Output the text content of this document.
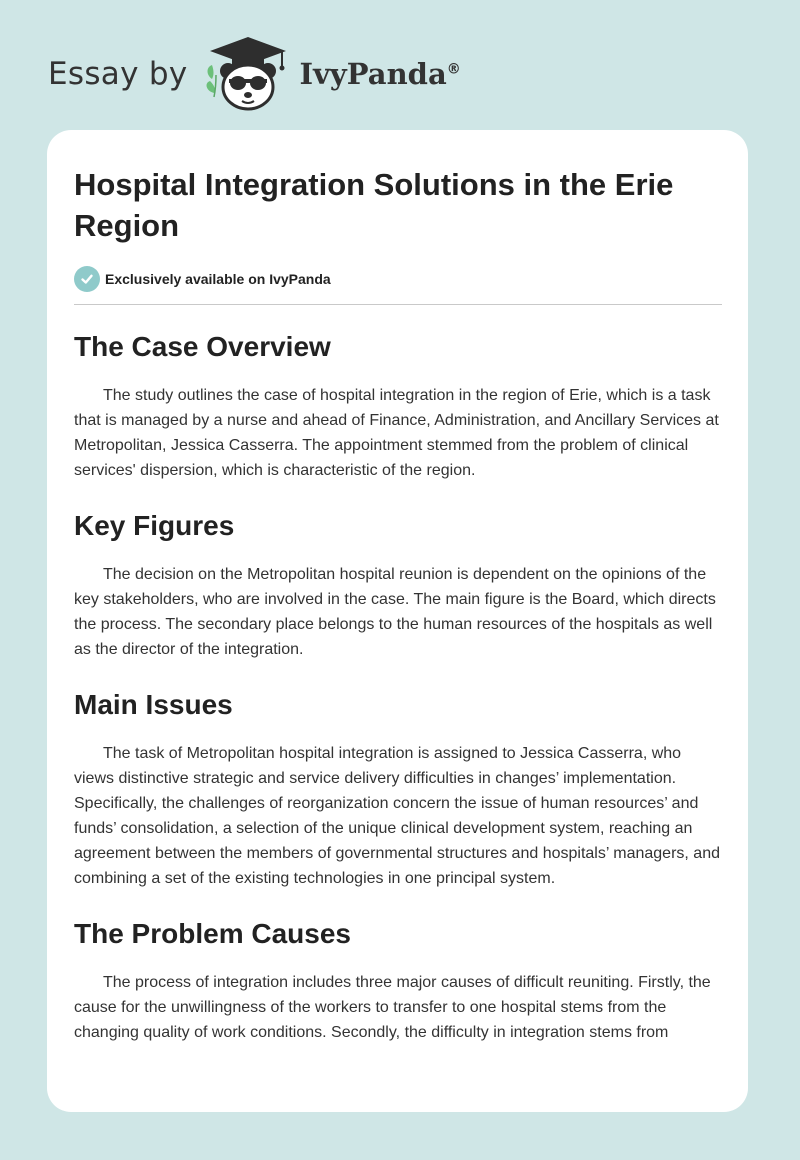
Essay by	IvyPanda®
Hospital Integration Solutions in the Erie Region
Exclusively available on IvyPanda
The Case Overview

The study outlines the case of hospital integration in the region of Erie, which is a task that is managed by a nurse and ahead of Finance, Administration, and Ancillary Services at Metropolitan, Jessica Casserra. The appointment stemmed from the problem of clinical services' dispersion, which is characteristic of the region.

Key Figures

The decision on the Metropolitan hospital reunion is dependent on the opinions of the key stakeholders, who are involved in the case. The main figure is the Board, which directs the process. The secondary place belongs to the human resources of the hospitals as well as the director of the integration.

Main Issues

The task of Metropolitan hospital integration is assigned to Jessica Casserra, who views distinctive strategic and service delivery difficulties in changes’ implementation. Specifically, the challenges of reorganization concern the issue of human resources’ and funds’ consolidation, a selection of the unique clinical development system, reaching an agreement between the members of governmental structures and hospitals’ managers, and combining a set of the existing technologies in one principal system.

The Problem Causes

The process of integration includes three major causes of difficult reuniting. Firstly, the cause for the unwillingness of the workers to transfer to one hospital stems from the changing quality of work conditions. Secondly, the difficulty in integration stems from
